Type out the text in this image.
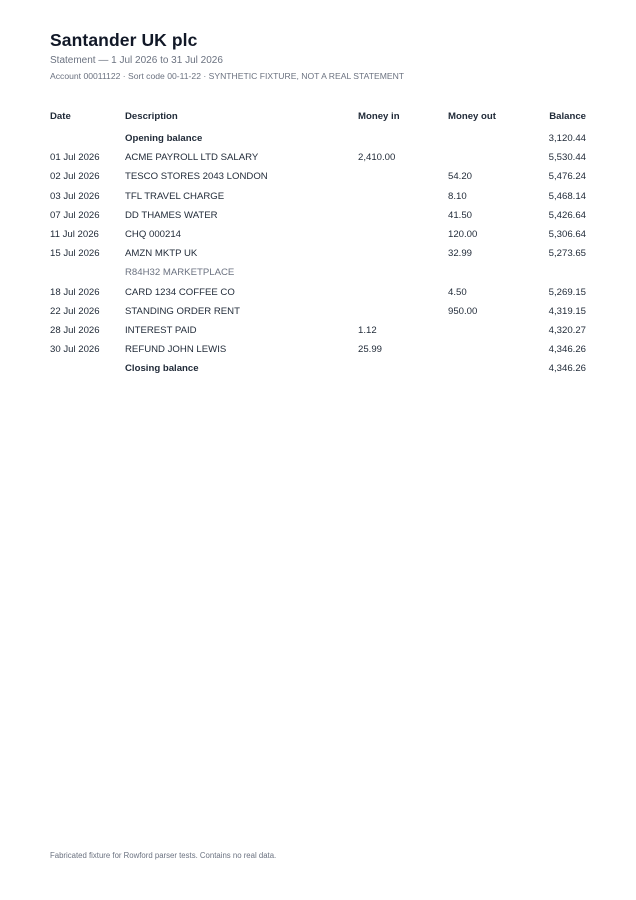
Santander UK plc
Statement — 1 Jul 2026 to 31 Jul 2026
Account 00011122 · Sort code 00-11-22 · SYNTHETIC FIXTURE, NOT A REAL STATEMENT
Date	Description	Money in	Money out	Balance
	Opening balance			3,120.44
01 Jul 2026	ACME PAYROLL LTD SALARY	2,410.00		5,530.44
02 Jul 2026	TESCO STORES 2043 LONDON		54.20	5,476.24
03 Jul 2026	TFL TRAVEL CHARGE		8.10	5,468.14
07 Jul 2026	DD THAMES WATER		41.50	5,426.64
11 Jul 2026	CHQ 000214		120.00	5,306.64
15 Jul 2026	AMZN MKTP UK		32.99	5,273.65
	R84H32 MARKETPLACE			
18 Jul 2026	CARD 1234 COFFEE CO		4.50	5,269.15
22 Jul 2026	STANDING ORDER RENT		950.00	4,319.15
28 Jul 2026	INTEREST PAID	1.12		4,320.27
30 Jul 2026	REFUND JOHN LEWIS	25.99		4,346.26
	Closing balance			4,346.26
Fabricated fixture for Rowford parser tests. Contains no real data.
